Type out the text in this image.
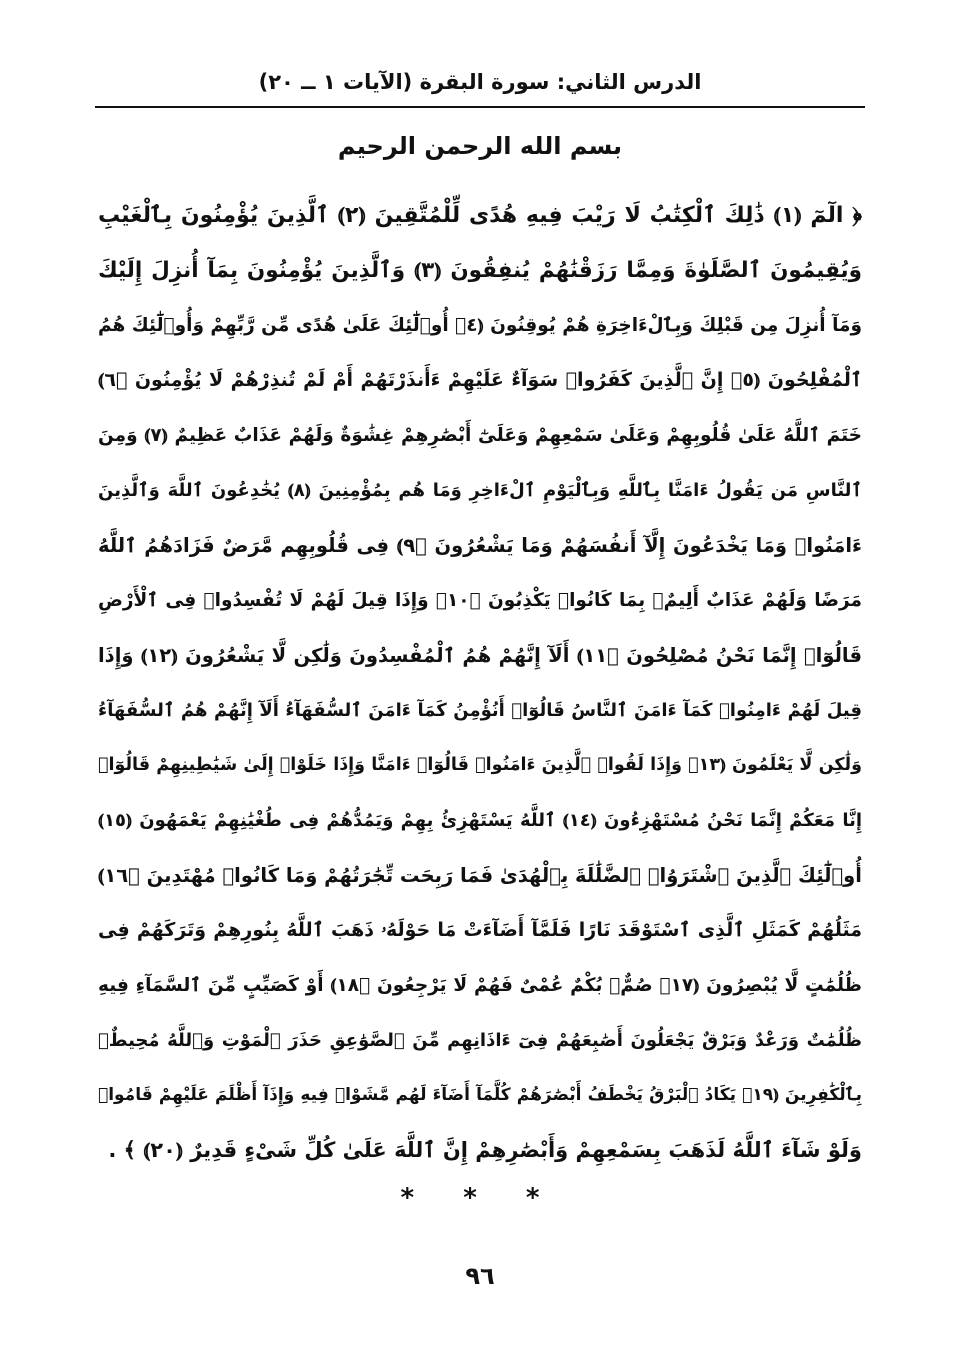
الدرس الثاني: سورة البقرة (الآيات ١ ــ ٢٠)
بسم الله الرحمن الرحيم
﴿ الٓمٓ ⦅١⦆ ذَٰلِكَ ٱلْكِتَٰبُ لَا رَيْبَ فِيهِ هُدًى لِّلْمُتَّقِينَ ⦅٢⦆ ٱلَّذِينَ يُؤْمِنُونَ بِٱلْغَيْبِ
وَيُقِيمُونَ ٱلصَّلَوٰةَ وَمِمَّا رَزَقْنَٰهُمْ يُنفِقُونَ ⦅٣⦆ وَٱلَّذِينَ يُؤْمِنُونَ بِمَآ أُنزِلَ إِلَيْكَ
وَمَآ أُنزِلَ مِن قَبْلِكَ وَبِٱلْءَاخِرَةِ هُمْ يُوقِنُونَ ⦅٤⦆ أُو۟لَٰٓئِكَ عَلَىٰ هُدًى مِّن رَّبِّهِمْ وَأُو۟لَٰٓئِكَ هُمُ
ٱلْمُفْلِحُونَ ⦅٥⦆ إِنَّ ٱلَّذِينَ كَفَرُوا۟ سَوَآءٌ عَلَيْهِمْ ءَأَنذَرْتَهُمْ أَمْ لَمْ تُنذِرْهُمْ لَا يُؤْمِنُونَ ⦅٦⦆
خَتَمَ ٱللَّهُ عَلَىٰ قُلُوبِهِمْ وَعَلَىٰ سَمْعِهِمْ وَعَلَىٰٓ أَبْصَٰرِهِمْ غِشَٰوَةٌ وَلَهُمْ عَذَابٌ عَظِيمٌ ⦅٧⦆ وَمِنَ
ٱلنَّاسِ مَن يَقُولُ ءَامَنَّا بِٱللَّهِ وَبِٱلْيَوْمِ ٱلْءَاخِرِ وَمَا هُم بِمُؤْمِنِينَ ⦅٨⦆ يُخَٰدِعُونَ ٱللَّهَ وَٱلَّذِينَ
ءَامَنُوا۟ وَمَا يَخْدَعُونَ إِلَّآ أَنفُسَهُمْ وَمَا يَشْعُرُونَ ⦅٩⦆ فِى قُلُوبِهِم مَّرَضٌ فَزَادَهُمُ ٱللَّهُ
مَرَضًا وَلَهُمْ عَذَابٌ أَلِيمٌۢ بِمَا كَانُوا۟ يَكْذِبُونَ ⦅١٠⦆ وَإِذَا قِيلَ لَهُمْ لَا تُفْسِدُوا۟ فِى ٱلْأَرْضِ
قَالُوٓا۟ إِنَّمَا نَحْنُ مُصْلِحُونَ ⦅١١⦆ أَلَآ إِنَّهُمْ هُمُ ٱلْمُفْسِدُونَ وَلَٰكِن لَّا يَشْعُرُونَ ⦅١٢⦆ وَإِذَا
قِيلَ لَهُمْ ءَامِنُوا۟ كَمَآ ءَامَنَ ٱلنَّاسُ قَالُوٓا۟ أَنُؤْمِنُ كَمَآ ءَامَنَ ٱلسُّفَهَآءُ أَلَآ إِنَّهُمْ هُمُ ٱلسُّفَهَآءُ
وَلَٰكِن لَّا يَعْلَمُونَ ⦅١٣⦆ وَإِذَا لَقُوا۟ ٱلَّذِينَ ءَامَنُوا۟ قَالُوٓا۟ ءَامَنَّا وَإِذَا خَلَوْا۟ إِلَىٰ شَيَٰطِينِهِمْ قَالُوٓا۟
إِنَّا مَعَكُمْ إِنَّمَا نَحْنُ مُسْتَهْزِءُونَ ⦅١٤⦆ ٱللَّهُ يَسْتَهْزِئُ بِهِمْ وَيَمُدُّهُمْ فِى طُغْيَٰنِهِمْ يَعْمَهُونَ ⦅١٥⦆
أُو۟لَٰٓئِكَ ٱلَّذِينَ ٱشْتَرَوُا۟ ٱلضَّلَٰلَةَ بِٱلْهُدَىٰ فَمَا رَبِحَت تِّجَٰرَتُهُمْ وَمَا كَانُوا۟ مُهْتَدِينَ ⦅١٦⦆
مَثَلُهُمْ كَمَثَلِ ٱلَّذِى ٱسْتَوْقَدَ نَارًا فَلَمَّآ أَضَآءَتْ مَا حَوْلَهُۥ ذَهَبَ ٱللَّهُ بِنُورِهِمْ وَتَرَكَهُمْ فِى
ظُلُمَٰتٍ لَّا يُبْصِرُونَ ⦅١٧⦆ صُمٌّۢ بُكْمٌ عُمْىٌ فَهُمْ لَا يَرْجِعُونَ ⦅١٨⦆ أَوْ كَصَيِّبٍ مِّنَ ٱلسَّمَآءِ فِيهِ
ظُلُمَٰتٌ وَرَعْدٌ وَبَرْقٌ يَجْعَلُونَ أَصَٰبِعَهُمْ فِىٓ ءَاذَانِهِم مِّنَ ٱلصَّوَٰعِقِ حَذَرَ ٱلْمَوْتِ وَٱللَّهُ مُحِيطٌۢ
بِٱلْكَٰفِرِينَ ⦅١٩⦆ يَكَادُ ٱلْبَرْقُ يَخْطَفُ أَبْصَٰرَهُمْ كُلَّمَآ أَضَآءَ لَهُم مَّشَوْا۟ فِيهِ وَإِذَآ أَظْلَمَ عَلَيْهِمْ قَامُوا۟
وَلَوْ شَآءَ ٱللَّهُ لَذَهَبَ بِسَمْعِهِمْ وَأَبْصَٰرِهِمْ إِنَّ ٱللَّهَ عَلَىٰ كُلِّ شَىْءٍ قَدِيرٌ ⦅٢٠⦆ ﴾ .
* * *
٩٦
